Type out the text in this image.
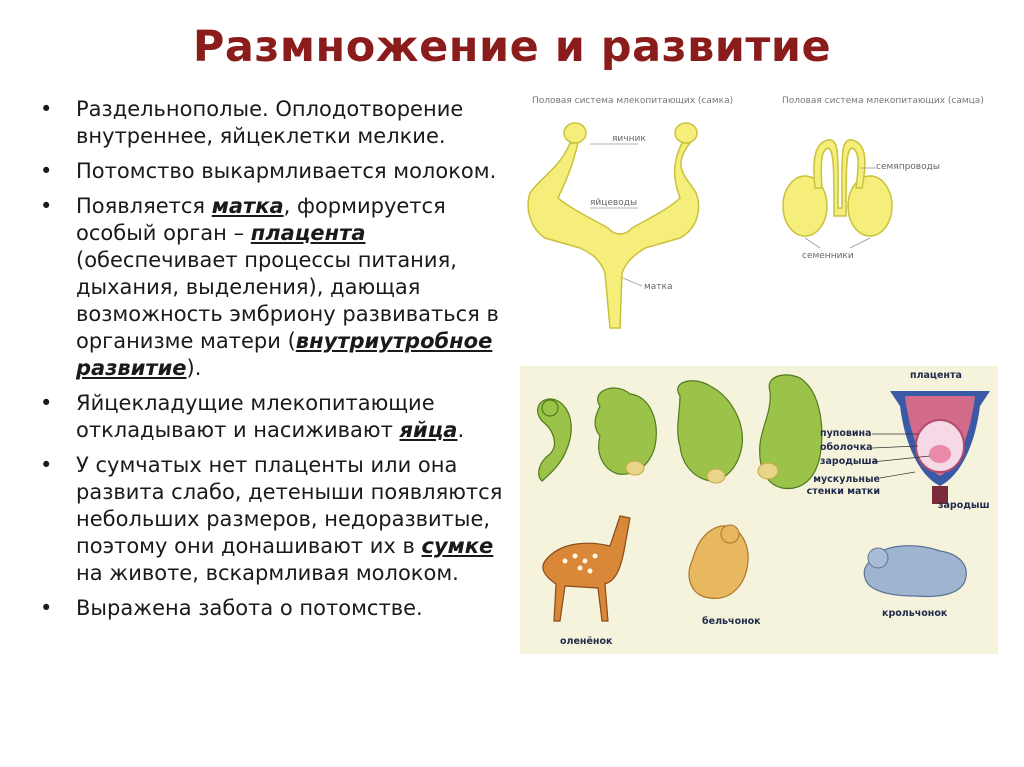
Размножение и развитие
• Раздельнополые. Оплодотворение внутреннее, яйцеклетки мелкие.
• Потомство выкармливается молоком.
• Появляется матка, формируется особый орган – плацента (обеспечивает процессы питания, дыхания, выделения), дающая возможность эмбриону развиваться в организме матери (внутриутробное развитие).
• Яйцекладущие млекопитающие откладывают и насиживают яйца.
• У сумчатых нет плаценты или она развита слабо, детеныши появляются небольших размеров, недоразвитые, поэтому они донашивают их в сумке на животе, вскармливая молоком.
• Выражена забота о потомстве.
Половая система млекопитающих (самка)	Половая система млекопитающих (самца)
яичник
яйцеводы
матка
семяпроводы
семенники
плацента
пуповина
оболочка
зародыша
мускульные
стенки матки
зародыш
оленёнок
бельчонок
крольчонок
